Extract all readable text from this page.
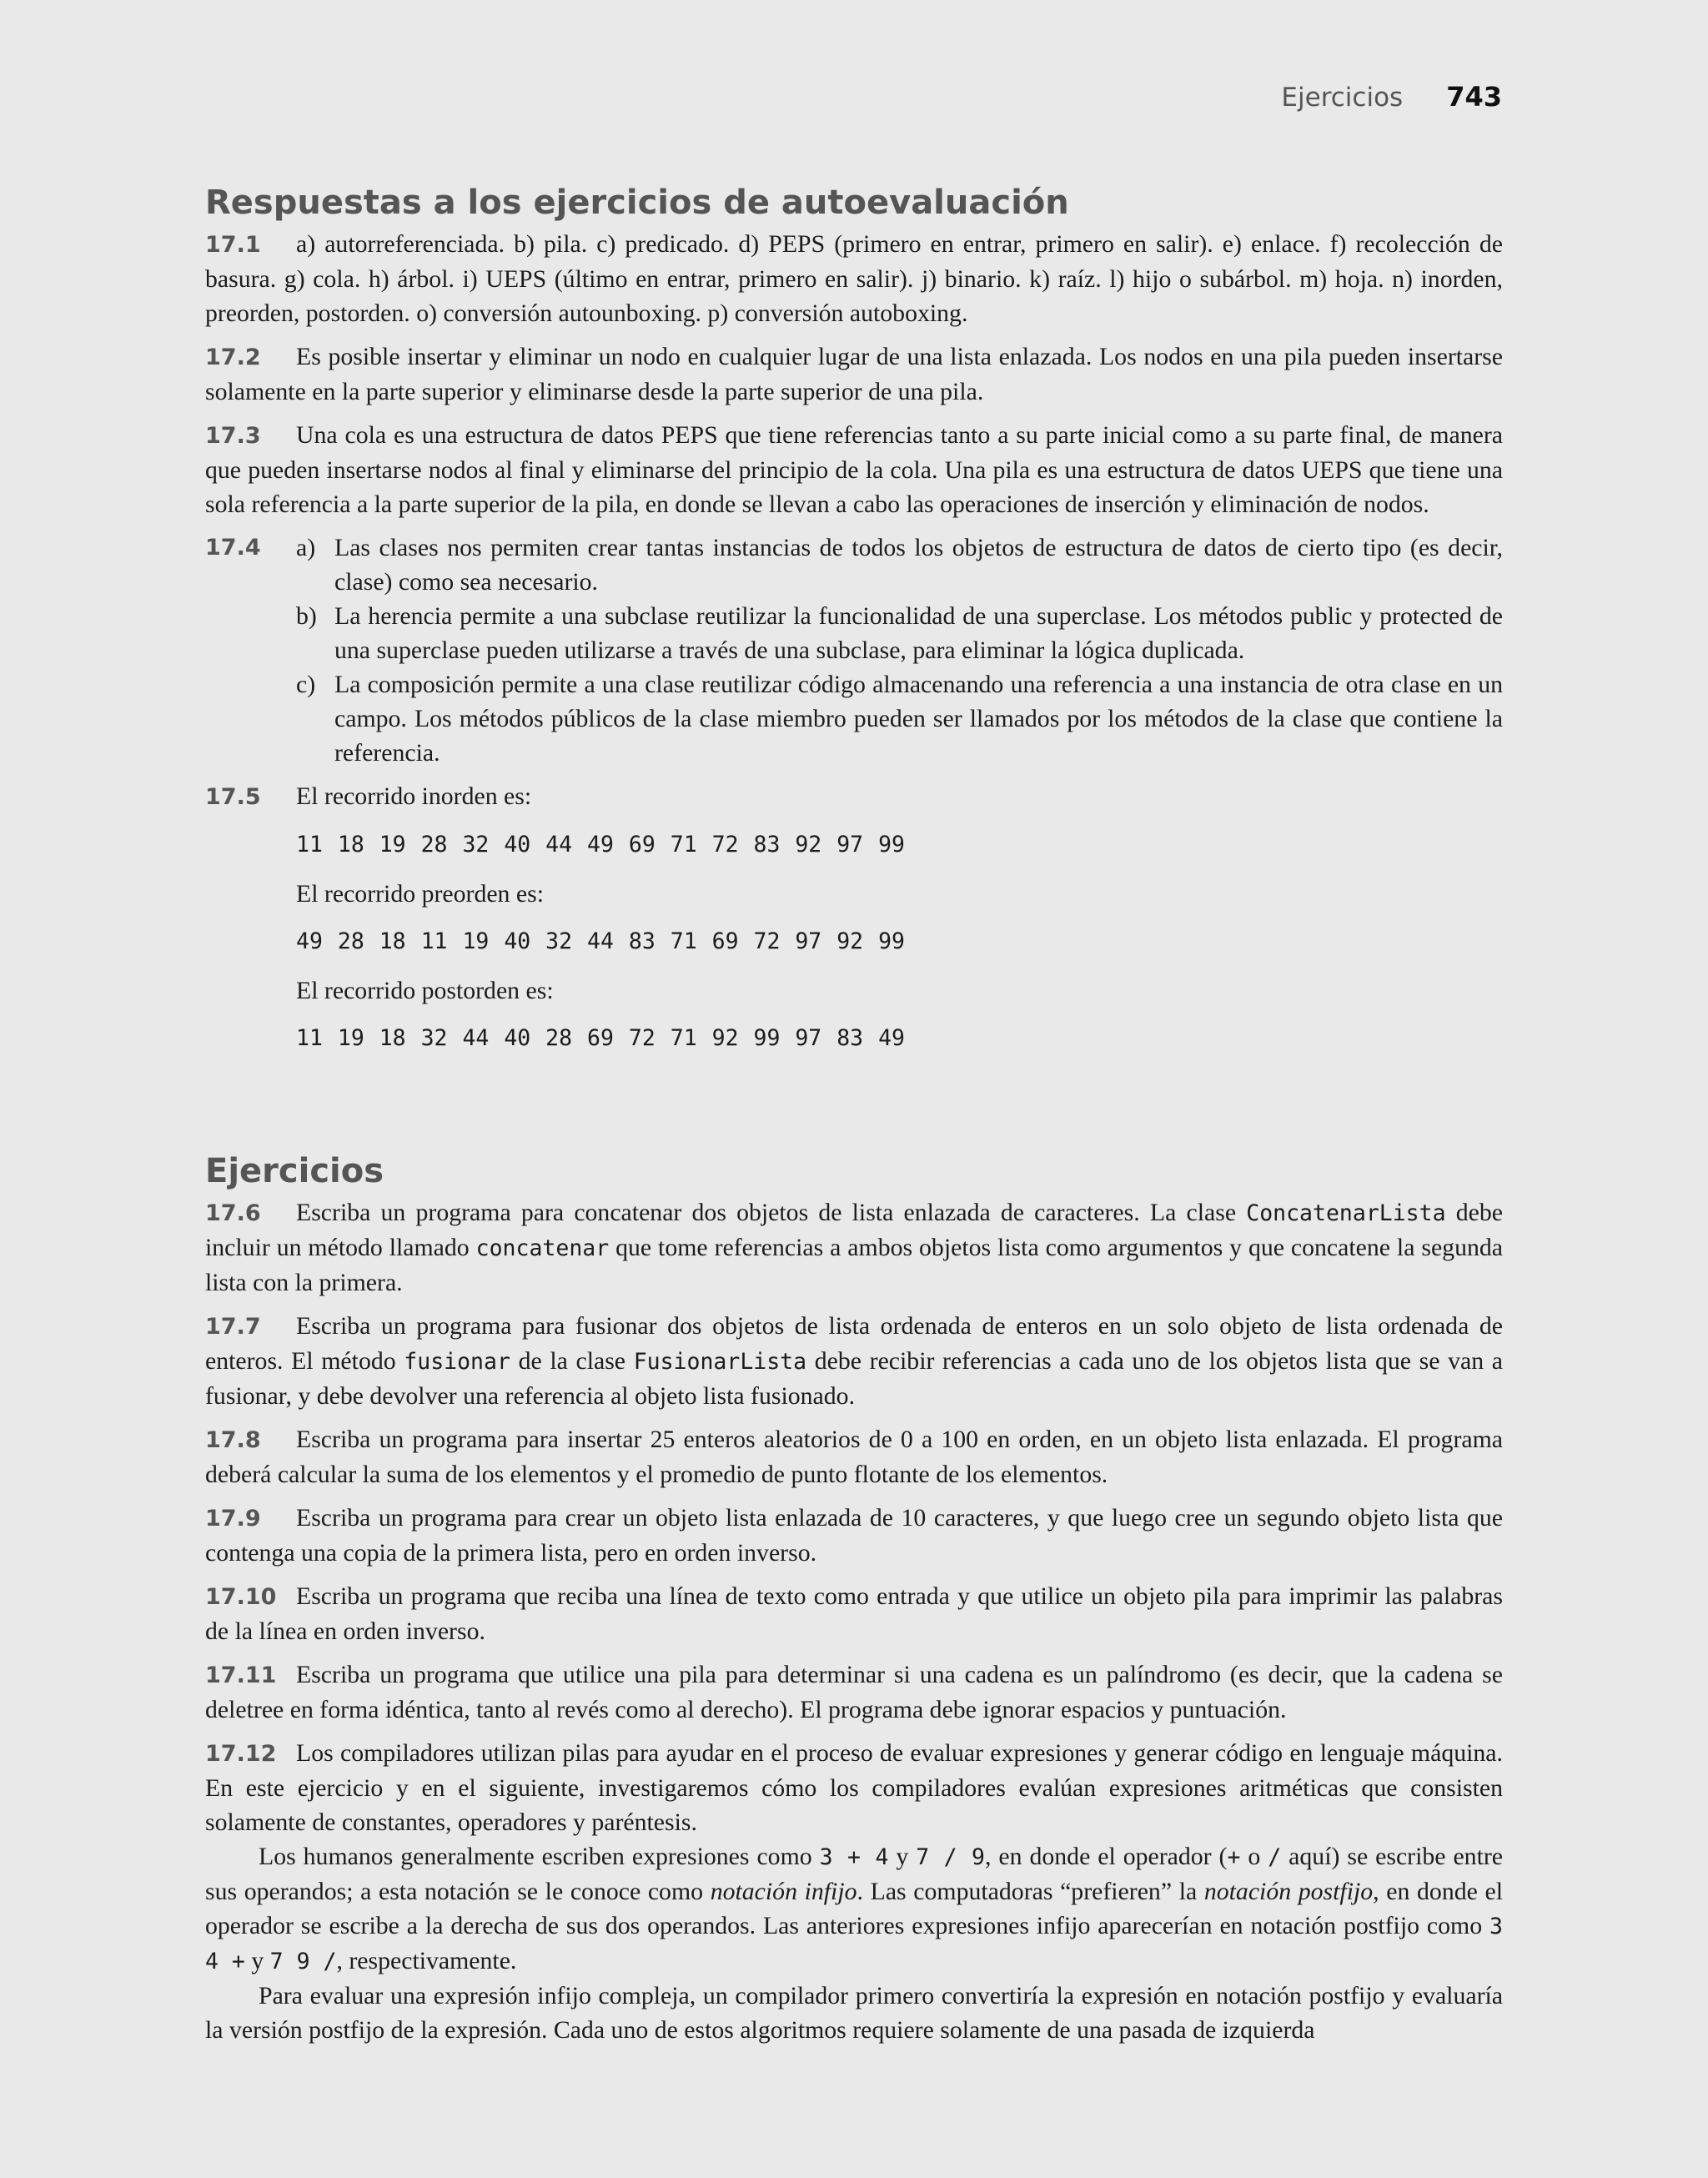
Ejercicios 743
Respuestas a los ejercicios de autoevaluación

17.1 a) autorreferenciada. b) pila. c) predicado. d) PEPS (primero en entrar, primero en salir). e) enlace. f) recolección de basura. g) cola. h) árbol. i) UEPS (último en entrar, primero en salir). j) binario. k) raíz. l) hijo o subárbol. m) hoja. n) inorden, preorden, postorden. o) conversión autounboxing. p) conversión autoboxing.

17.2 Es posible insertar y eliminar un nodo en cualquier lugar de una lista enlazada. Los nodos en una pila pueden insertarse solamente en la parte superior y eliminarse desde la parte superior de una pila.

17.3 Una cola es una estructura de datos PEPS que tiene referencias tanto a su parte inicial como a su parte final, de manera que pueden insertarse nodos al final y eliminarse del principio de la cola. Una pila es una estructura de datos UEPS que tiene una sola referencia a la parte superior de la pila, en donde se llevan a cabo las operaciones de inserción y eliminación de nodos.

17.4	a) Las clases nos permiten crear tantas instancias de todos los objetos de estructura de datos de cierto tipo (es decir, clase) como sea necesario.
b) La herencia permite a una subclase reutilizar la funcionalidad de una superclase. Los métodos public y protected de una superclase pueden utilizarse a través de una subclase, para eliminar la lógica duplicada.
c) La composición permite a una clase reutilizar código almacenando una referencia a una instancia de otra clase en un campo. Los métodos públicos de la clase miembro pueden ser llamados por los métodos de la clase que contiene la referencia.
17.5 El recorrido inorden es:
11 18 19 28 32 40 44 49 69 71 72 83 92 97 99
El recorrido preorden es:
49 28 18 11 19 40 32 44 83 71 69 72 97 92 99
El recorrido postorden es:
11 19 18 32 44 40 28 69 72 71 92 99 97 83 49
Ejercicios

17.6 Escriba un programa para concatenar dos objetos de lista enlazada de caracteres. La clase ConcatenarLista debe incluir un método llamado concatenar que tome referencias a ambos objetos lista como argumentos y que concatene la segunda lista con la primera.

17.7 Escriba un programa para fusionar dos objetos de lista ordenada de enteros en un solo objeto de lista ordenada de enteros. El método fusionar de la clase FusionarLista debe recibir referencias a cada uno de los objetos lista que se van a fusionar, y debe devolver una referencia al objeto lista fusionado.

17.8 Escriba un programa para insertar 25 enteros aleatorios de 0 a 100 en orden, en un objeto lista enlazada. El programa deberá calcular la suma de los elementos y el promedio de punto flotante de los elementos.

17.9 Escriba un programa para crear un objeto lista enlazada de 10 caracteres, y que luego cree un segundo objeto lista que contenga una copia de la primera lista, pero en orden inverso.

17.10 Escriba un programa que reciba una línea de texto como entrada y que utilice un objeto pila para imprimir las palabras de la línea en orden inverso.

17.11 Escriba un programa que utilice una pila para determinar si una cadena es un palíndromo (es decir, que la cadena se deletree en forma idéntica, tanto al revés como al derecho). El programa debe ignorar espacios y puntuación.

17.12 Los compiladores utilizan pilas para ayudar en el proceso de evaluar expresiones y generar código en lenguaje máquina. En este ejercicio y en el siguiente, investigaremos cómo los compiladores evalúan expresiones aritméticas que consisten solamente de constantes, operadores y paréntesis.

Los humanos generalmente escriben expresiones como 3 + 4 y 7 / 9, en donde el operador (+ o / aquí) se escribe entre sus operandos; a esta notación se le conoce como notación infijo. Las computadoras “prefieren” la notación postfijo, en donde el operador se escribe a la derecha de sus dos operandos. Las anteriores expresiones infijo aparecerían en notación postfijo como 3 4 + y 7 9 /, respectivamente.

Para evaluar una expresión infijo compleja, un compilador primero convertiría la expresión en notación postfijo y evaluaría la versión postfijo de la expresión. Cada uno de estos algoritmos requiere solamente de una pasada de izquierda
